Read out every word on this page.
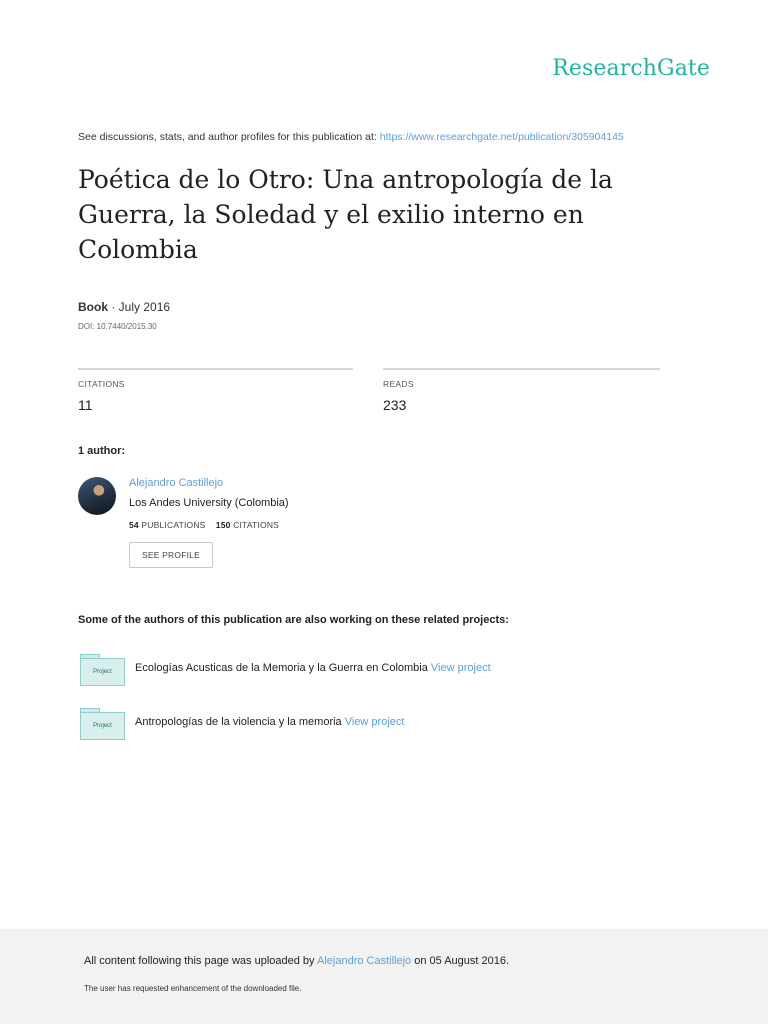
ResearchGate
See discussions, stats, and author profiles for this publication at: https://www.researchgate.net/publication/305904145
Poética de lo Otro: Una antropología de la Guerra, la Soledad y el exilio interno en Colombia
Book · July 2016
DOI: 10.7440/2015.30
CITATIONS
11
READS
233
1 author:
Alejandro Castillejo
Los Andes University (Colombia)
54 PUBLICATIONS 150 CITATIONS
SEE PROFILE
Some of the authors of this publication are also working on these related projects:
Project	Ecologías Acusticas de la Memoria y la Guerra en Colombia View project
Project	Antropologías de la violencia y la memoria View project
All content following this page was uploaded by Alejandro Castillejo on 05 August 2016.
The user has requested enhancement of the downloaded file.
